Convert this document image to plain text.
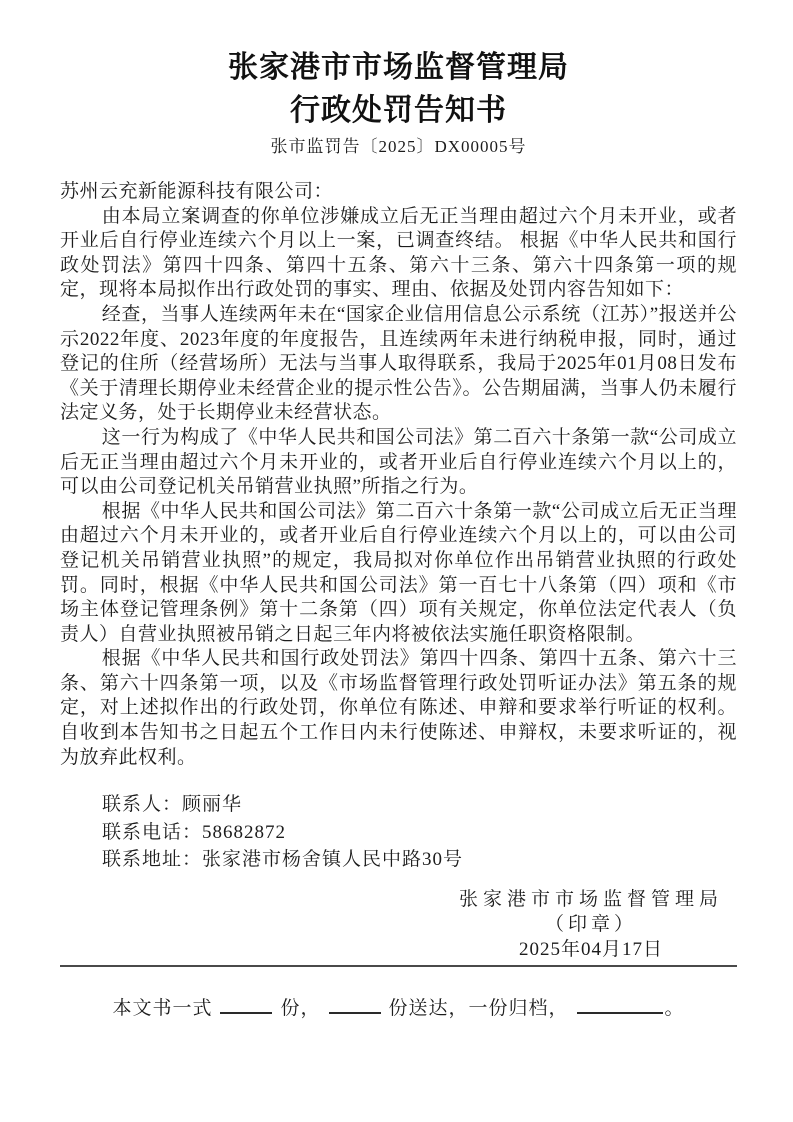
张家港市市场监督管理局
行政处罚告知书
张市监罚告〔2025〕DX00005号

苏州云充新能源科技有限公司：

由本局立案调查的你单位涉嫌成立后无正当理由超过六个月未开业，或者开业后自行停业连续六个月以上一案，已调查终结。 根据《中华人民共和国行政处罚法》第四十四条、第四十五条、第六十三条、第六十四条第一项的规定，现将本局拟作出行政处罚的事实、理由、依据及处罚内容告知如下：

经查，当事人连续两年未在“国家企业信用信息公示系统（江苏）”报送并公示2022年度、2023年度的年度报告，且连续两年未进行纳税申报，同时，通过登记的住所（经营场所）无法与当事人取得联系，我局于2025年01月08日发布《关于清理长期停业未经营企业的提示性公告》。公告期届满，当事人仍未履行法定义务，处于长期停业未经营状态。

这一行为构成了《中华人民共和国公司法》第二百六十条第一款“公司成立后无正当理由超过六个月未开业的，或者开业后自行停业连续六个月以上的，可以由公司登记机关吊销营业执照”所指之行为。

根据《中华人民共和国公司法》第二百六十条第一款“公司成立后无正当理由超过六个月未开业的，或者开业后自行停业连续六个月以上的，可以由公司登记机关吊销营业执照”的规定，我局拟对你单位作出吊销营业执照的行政处罚。同时，根据《中华人民共和国公司法》第一百七十八条第（四）项和《市场主体登记管理条例》第十二条第（四）项有关规定，你单位法定代表人（负责人）自营业执照被吊销之日起三年内将被依法实施任职资格限制。

根据《中华人民共和国行政处罚法》第四十四条、第四十五条、第六十三条、第六十四条第一项，以及《市场监督管理行政处罚听证办法》第五条的规定，对上述拟作出的行政处罚，你单位有陈述、申辩和要求举行听证的权利。自收到本告知书之日起五个工作日内未行使陈述、申辩权，未要求听证的，视为放弃此权利。

联系人：顾丽华

联系电话：58682872

联系地址：张家港市杨舍镇人民中路30号

张家港市市场监督管理局
（印章）
2025年04月17日
本文书一式	份，	份送达，一份归档，	。
